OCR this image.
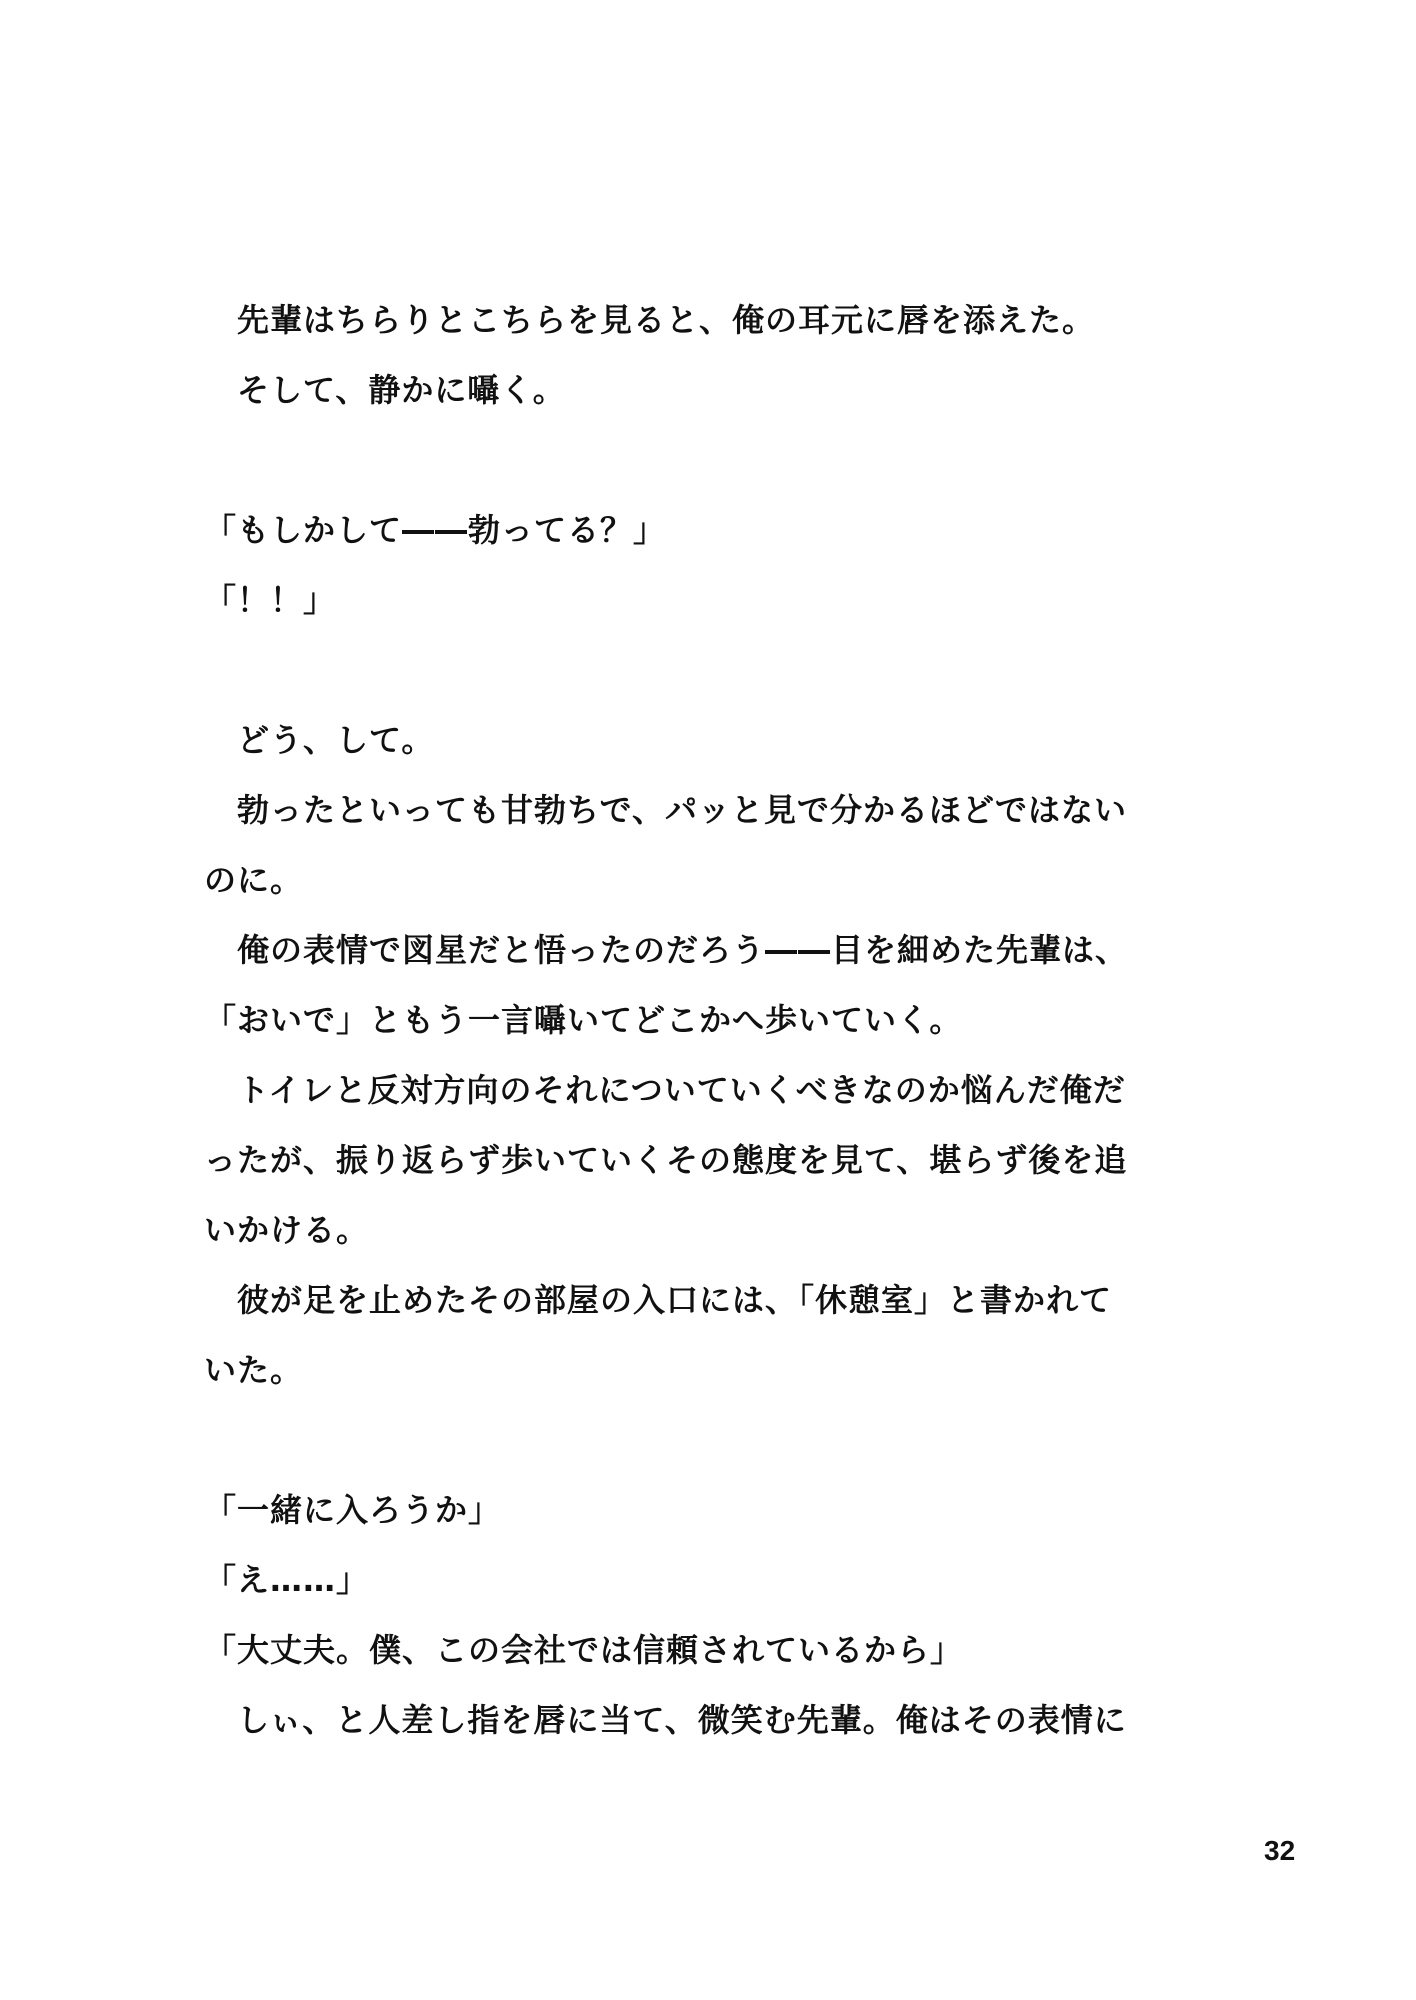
　先輩はちらりとこちらを見ると、俺の耳元に唇を添えた。
　そして、静かに囁く。
「もしかして――勃ってる？」
「！！」
　どう、して。
　勃ったといっても甘勃ちで、パッと見で分かるほどではない
のに。
　俺の表情で図星だと悟ったのだろう――目を細めた先輩は、
「おいで」ともう一言囁いてどこかへ歩いていく。
　トイレと反対方向のそれについていくべきなのか悩んだ俺だ
ったが、振り返らず歩いていくその態度を見て、堪らず後を追
いかける。
　彼が足を止めたその部屋の入口には、「休憩室」と書かれて
いた。
「一緒に入ろうか」
「え……」
「大丈夫。僕、この会社では信頼されているから」
　しぃ、と人差し指を唇に当て、微笑む先輩。俺はその表情に
32
